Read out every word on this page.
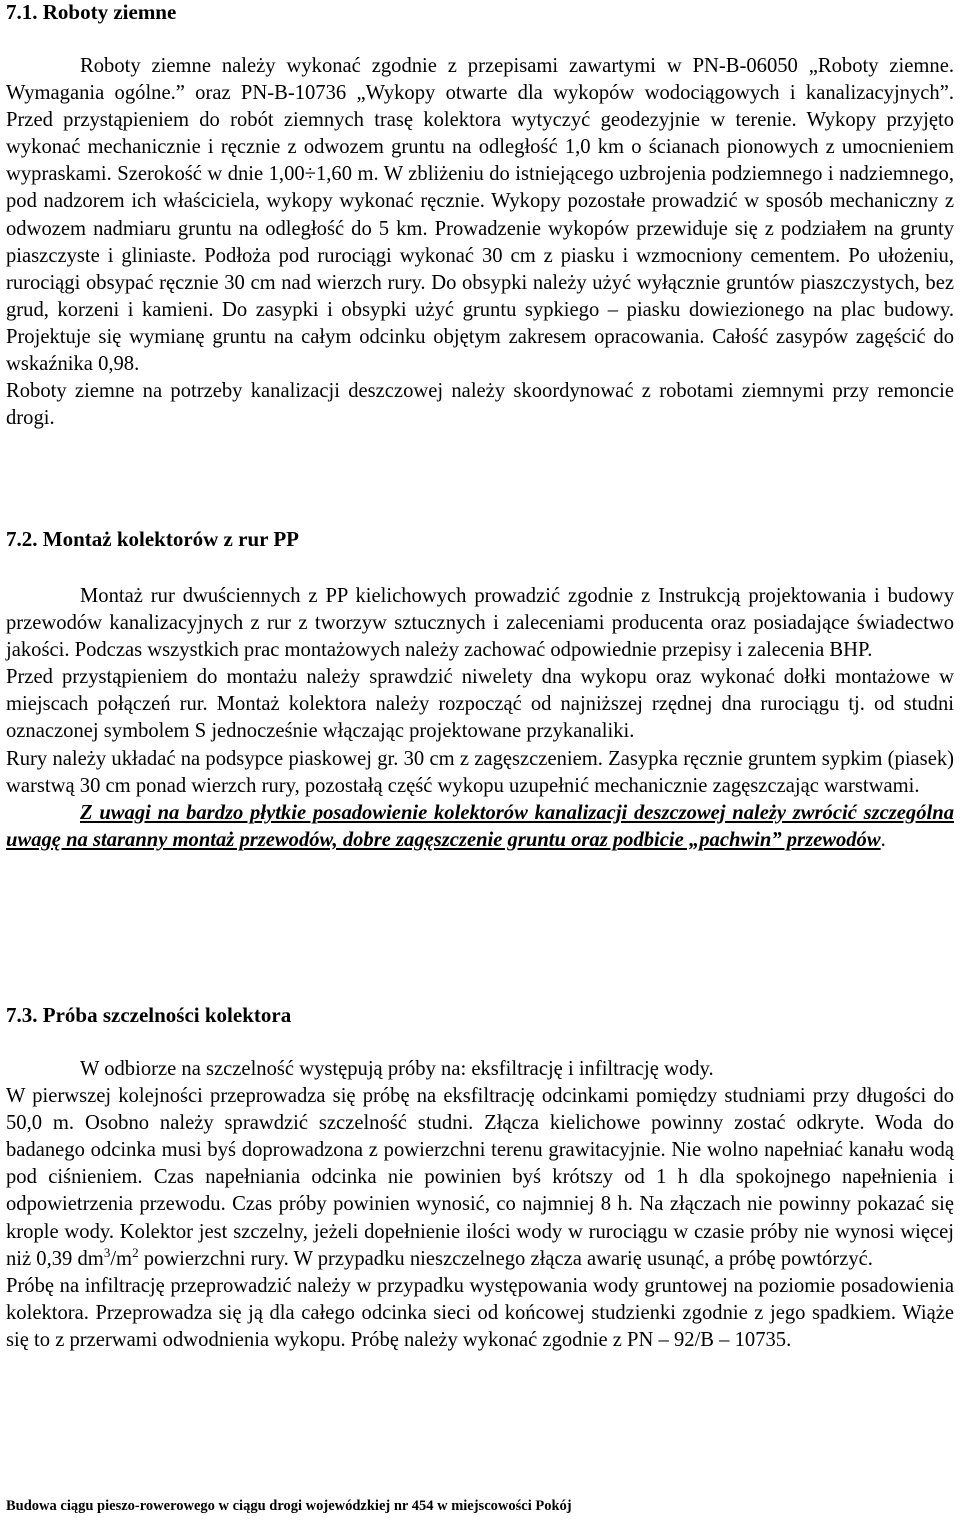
7.1. Roboty ziemne

Roboty ziemne należy wykonać zgodnie z przepisami zawartymi w PN-B-06050 „Roboty ziemne. Wymagania ogólne.” oraz PN-B-10736 „Wykopy otwarte dla wykopów wodociągowych i kanalizacyjnych”. Przed przystąpieniem do robót ziemnych trasę kolektora wytyczyć geodezyjnie w terenie. Wykopy przyjęto wykonać mechanicznie i ręcznie z odwozem gruntu na odległość 1,0 km o ścianach pionowych z umocnieniem wypraskami. Szerokość w dnie 1,00÷1,60 m. W zbliżeniu do istniejącego uzbrojenia podziemnego i nadziemnego, pod nadzorem ich właściciela, wykopy wykonać ręcznie. Wykopy pozostałe prowadzić w sposób mechaniczny z odwozem nadmiaru gruntu na odległość do 5 km. Prowadzenie wykopów przewiduje się z podziałem na grunty piaszczyste i gliniaste. Podłoża pod rurociągi wykonać 30 cm z piasku i wzmocniony cementem. Po ułożeniu, rurociągi obsypać ręcznie 30 cm nad wierzch rury. Do obsypki należy użyć wyłącznie gruntów piaszczystych, bez grud, korzeni i kamieni. Do zasypki i obsypki użyć gruntu sypkiego – piasku dowiezionego na plac budowy. Projektuje się wymianę gruntu na całym odcinku objętym zakresem opracowania. Całość zasypów zagęścić do wskaźnika 0,98.

Roboty ziemne na potrzeby kanalizacji deszczowej należy skoordynować z robotami ziemnymi przy remoncie drogi.

7.2. Montaż kolektorów z rur PP

Montaż rur dwuściennych z PP kielichowych prowadzić zgodnie z Instrukcją projektowania i budowy przewodów kanalizacyjnych z rur z tworzyw sztucznych i zaleceniami producenta oraz posiadające świadectwo jakości. Podczas wszystkich prac montażowych należy zachować odpowiednie przepisy i zalecenia BHP.

Przed przystąpieniem do montażu należy sprawdzić niwelety dna wykopu oraz wykonać dołki montażowe w miejscach połączeń rur. Montaż kolektora należy rozpocząć od najniższej rzędnej dna rurociągu tj. od studni oznaczonej symbolem S jednocześnie włączając projektowane przykanaliki.

Rury należy układać na podsypce piaskowej gr. 30 cm z zagęszczeniem. Zasypka ręcznie gruntem sypkim (piasek) warstwą 30 cm ponad wierzch rury, pozostałą część wykopu uzupełnić mechanicznie zagęszczając warstwami.

Z uwagi na bardzo płytkie posadowienie kolektorów kanalizacji deszczowej należy zwrócić szczególna uwagę na staranny montaż przewodów, dobre zagęszczenie gruntu oraz podbicie „pachwin” przewodów.

7.3. Próba szczelności kolektora

W odbiorze na szczelność występują próby na: eksfiltrację i infiltrację wody.

W pierwszej kolejności przeprowadza się próbę na eksfiltrację odcinkami pomiędzy studniami przy długości do 50,0 m. Osobno należy sprawdzić szczelność studni. Złącza kielichowe powinny zostać odkryte. Woda do badanego odcinka musi byś doprowadzona z powierzchni terenu grawitacyjnie. Nie wolno napełniać kanału wodą pod ciśnieniem. Czas napełniania odcinka nie powinien byś krótszy od 1 h dla spokojnego napełnienia i odpowietrzenia przewodu. Czas próby powinien wynosić, co najmniej 8 h. Na złączach nie powinny pokazać się krople wody. Kolektor jest szczelny, jeżeli dopełnienie ilości wody w rurociągu w czasie próby nie wynosi więcej niż 0,39 $dm^3/m^2$ powierzchni rury. W przypadku nieszczelnego złącza awarię usunąć, a próbę powtórzyć.

Próbę na infiltrację przeprowadzić należy w przypadku występowania wody gruntowej na poziomie posadowienia kolektora. Przeprowadza się ją dla całego odcinka sieci od końcowej studzienki zgodnie z jego spadkiem. Wiąże się to z przerwami odwodnienia wykopu. Próbę należy wykonać zgodnie z PN – 92/B – 10735.

Budowa ciągu pieszo-rowerowego w ciągu drogi wojewódzkiej nr 454 w miejscowości Pokój
